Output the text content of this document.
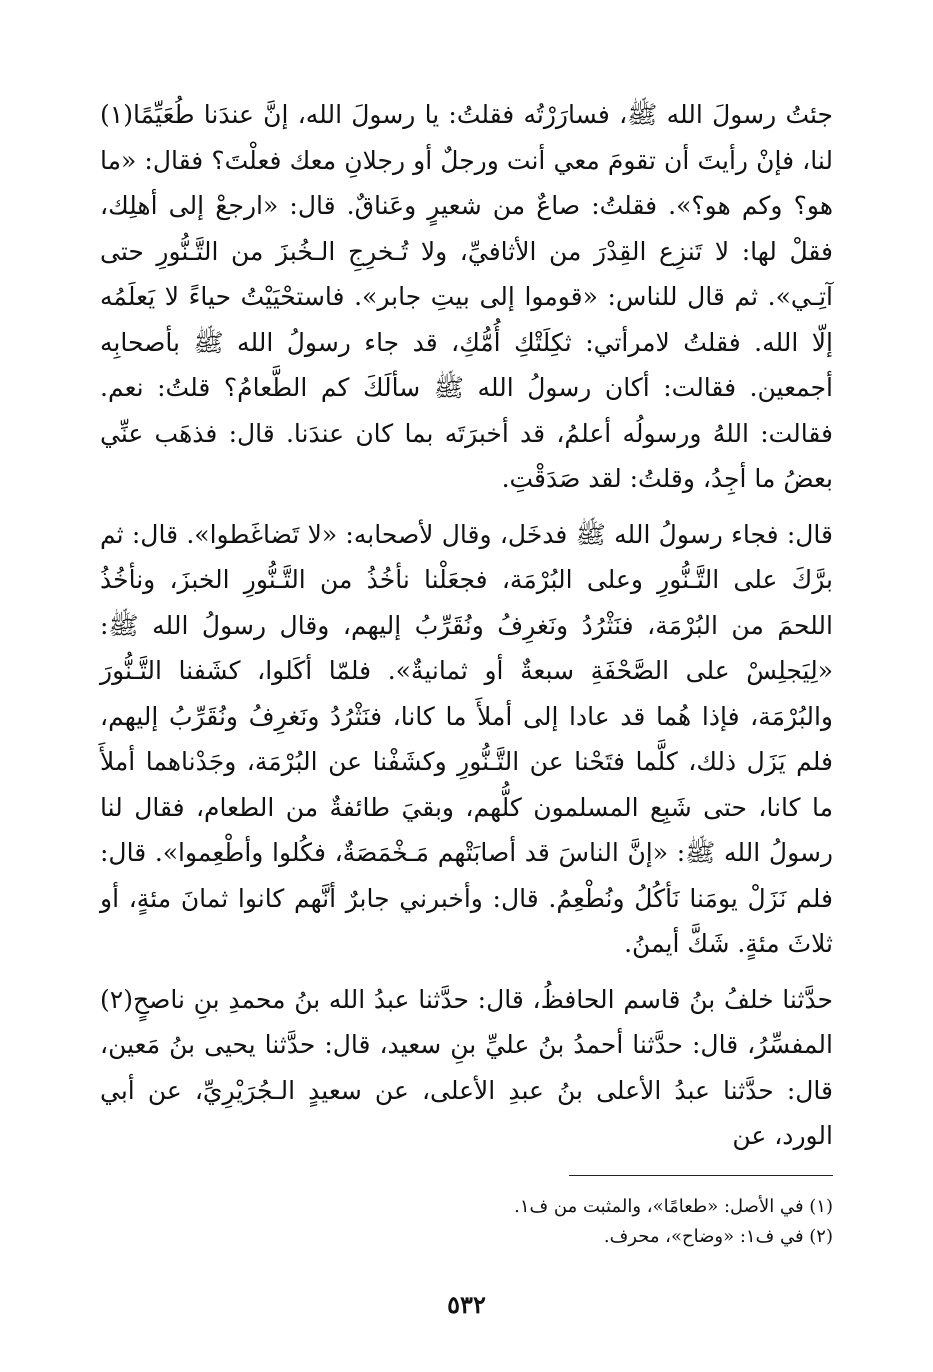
جئتُ رسولَ الله ﷺ، فسارَرْتُه فقلتُ: يا رسولَ الله، إنَّ عندَنا طُعَيِّمًا(١) لنا، فإنْ رأيتَ أن تقومَ معي أنت ورجلٌ أو رجلانِ معك فعلْتَ؟ فقال: «ما هو؟ وكم هو؟». فقلتُ: صاعٌ من شعيرٍ وعَناقٌ. قال: «ارجعْ إلى أهلِك، فقلْ لها: لا تَنزِع القِدْرَ من الأثافيِّ، ولا تُـخرِجِ الـخُبزَ من التَّـنُّورِ حتى آتِـي». ثم قال للناس: «قوموا إلى بيتِ جابر». فاستحْيَيْتُ حياءً لا يَعلَمُه إلّا الله. فقلتُ لامرأتي: ثكِلَتْكِ أُمُّكِ، قد جاء رسولُ الله ﷺ بأصحابِه أجمعين. فقالت: أكان رسولُ الله ﷺ سألَكَ كم الطَّعامُ؟ قلتُ: نعم. فقالت: اللهُ ورسولُه أعلمُ، قد أخبرَتَه بما كان عندَنا. قال: فذهَب عنِّي بعضُ ما أجِدُ، وقلتُ: لقد صَدَقْتِ.

قال: فجاء رسولُ الله ﷺ فدخَل، وقال لأصحابه: «لا تَضاغَطوا». قال: ثم برَّكَ على التَّـنُّورِ وعلى البُرْمَة، فجعَلْنا نأخُذُ من التَّـنُّورِ الخبزَ، ونأخُذُ اللحمَ من البُرْمَة، فنَثْرُدُ ونَغرِفُ ونُقَرِّبُ إليهم، وقال رسولُ الله ﷺ: «لِيَجلِسْ على الصَّحْفَةِ سبعةٌ أو ثمانيةٌ». فلمّا أكَلوا، كشَفنا التَّـنُّورَ والبُرْمَة، فإذا هُما قد عادا إلى أملأَ ما كانا، فنَثْرُدُ ونَغرِفُ ونُقَرِّبُ إليهم، فلم يَزَل ذلك، كلَّما فتَحْنا عن التَّـنُّورِ وكشَفْنا عن البُرْمَة، وجَدْناهما أملأَ ما كانا، حتى شَبِع المسلمون كلُّهم، وبقيَ طائفةٌ من الطعام، فقال لنا رسولُ الله ﷺ: «إنَّ الناسَ قد أصابَتْهم مَـخْمَصَةٌ، فكُلوا وأطْعِموا». قال: فلم نَزَلْ يومَنا نَأكُلُ ونُطْعِمُ. قال: وأخبرني جابرٌ أنَّهم كانوا ثمانَ مئةٍ، أو ثلاثَ مئةٍ. شَكَّ أيمنُ.

حدَّثنا خلفُ بنُ قاسم الحافظُ، قال: حدَّثنا عبدُ الله بنُ محمدِ بنِ ناصحٍ(٢) المفسِّرُ، قال: حدَّثنا أحمدُ بنُ عليِّ بنِ سعيد، قال: حدَّثنا يحيى بنُ مَعين، قال: حدَّثنا عبدُ الأعلى بنُ عبدِ الأعلى، عن سعيدٍ الـجُرَيْرِيِّ، عن أبي الورد، عن

(١) في الأصل: «طعامًا»، والمثبت من ف١.

(٢) في ف١: «وضاح»، محرف.

٥٣٢
